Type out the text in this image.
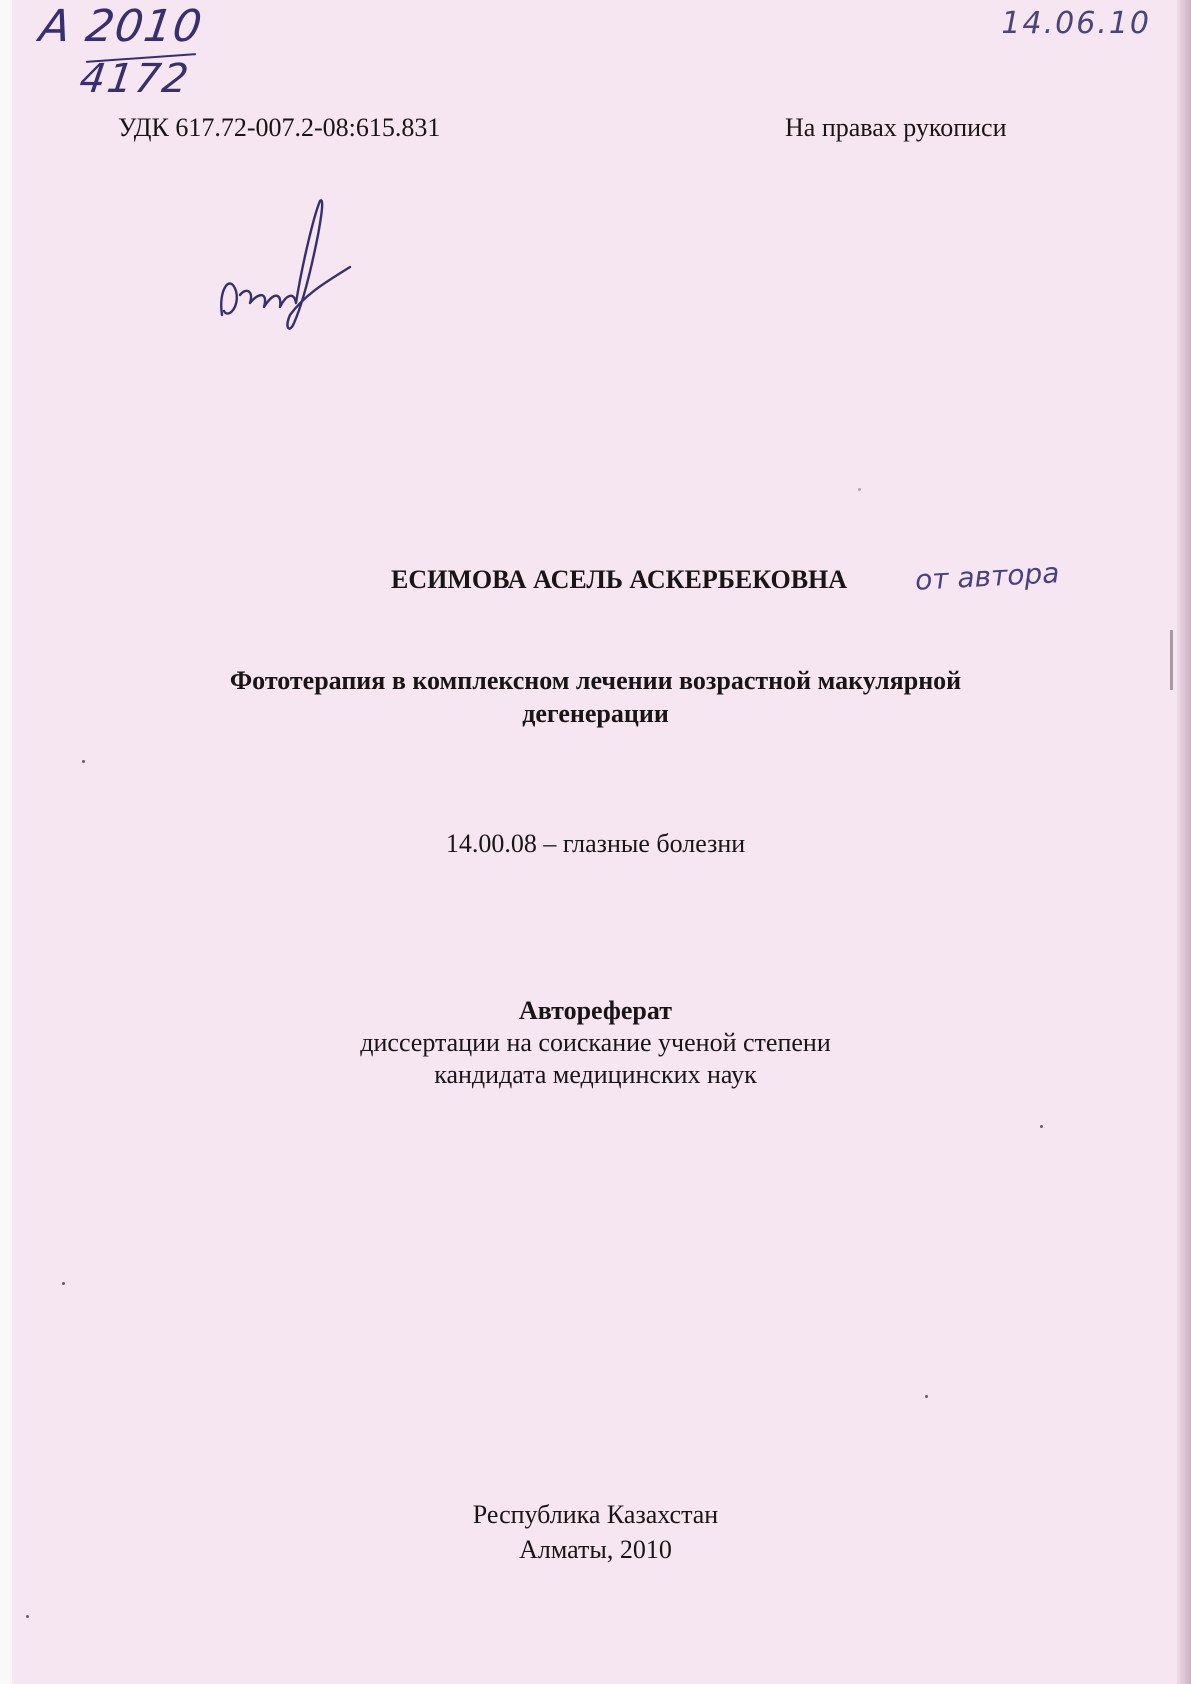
А 2010
4172
14.06.10
УДК 617.72-007.2-08:615.831	На правах рукописи
ЕСИМОВА АСЕЛЬ АСКЕРБЕКОВНА от автора
Фототерапия в комплексном лечении возрастной макулярной
дегенерации
14.00.08 – глазные болезни
Автореферат
диссертации на соискание ученой степени
кандидата медицинских наук
Республика Казахстан
Алматы, 2010
